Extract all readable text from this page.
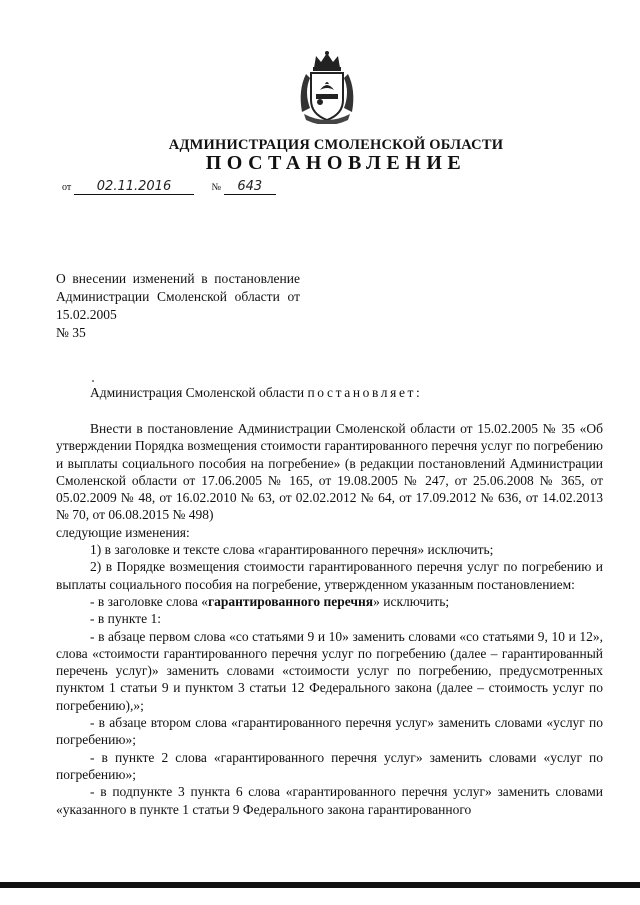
АДМИНИСТРАЦИЯ СМОЛЕНСКОЙ ОБЛАСТИ
ПОСТАНОВЛЕНИЕ
от 02.11.2016	№ 643
О внесении изменений в постановление Администрации Смоленской области от 15.02.2005
№ 35
Администрация Смоленской области постановляет:

Внести в постановление Администрации Смоленской области от 15.02.2005 № 35 «Об утверждении Порядка возмещения стоимости гарантированного перечня услуг по погребению и выплаты социального пособия на погребение» (в редакции постановлений Администрации Смоленской области от 17.06.2005 № 165, от 19.08.2005 № 247, от 25.06.2008 № 365, от 05.02.2009 № 48, от 16.02.2010 № 63, от 02.02.2012 № 64, от 17.09.2012 № 636, от 14.02.2013 № 70, от 06.08.2015 № 498)

следующие изменения:

1) в заголовке и тексте слова «гарантированного перечня» исключить;

2) в Порядке возмещения стоимости гарантированного перечня услуг по погребению и выплаты социального пособия на погребение, утвержденном указанным постановлением:

- в заголовке слова «гарантированного перечня» исключить;

- в пункте 1:

- в абзаце первом слова «со статьями 9 и 10» заменить словами «со статьями 9, 10 и 12», слова «стоимости гарантированного перечня услуг по погребению (далее – гарантированный перечень услуг)» заменить словами «стоимости услуг по погребению, предусмотренных пунктом 1 статьи 9 и пунктом 3 статьи 12 Федерального закона (далее – стоимость услуг по погребению),»;

- в абзаце втором слова «гарантированного перечня услуг» заменить словами «услуг по погребению»;

- в пункте 2 слова «гарантированного перечня услуг» заменить словами «услуг по погребению»;

- в подпункте 3 пункта 6 слова «гарантированного перечня услуг» заменить словами «указанного в пункте 1 статьи 9 Федерального закона гарантированного
